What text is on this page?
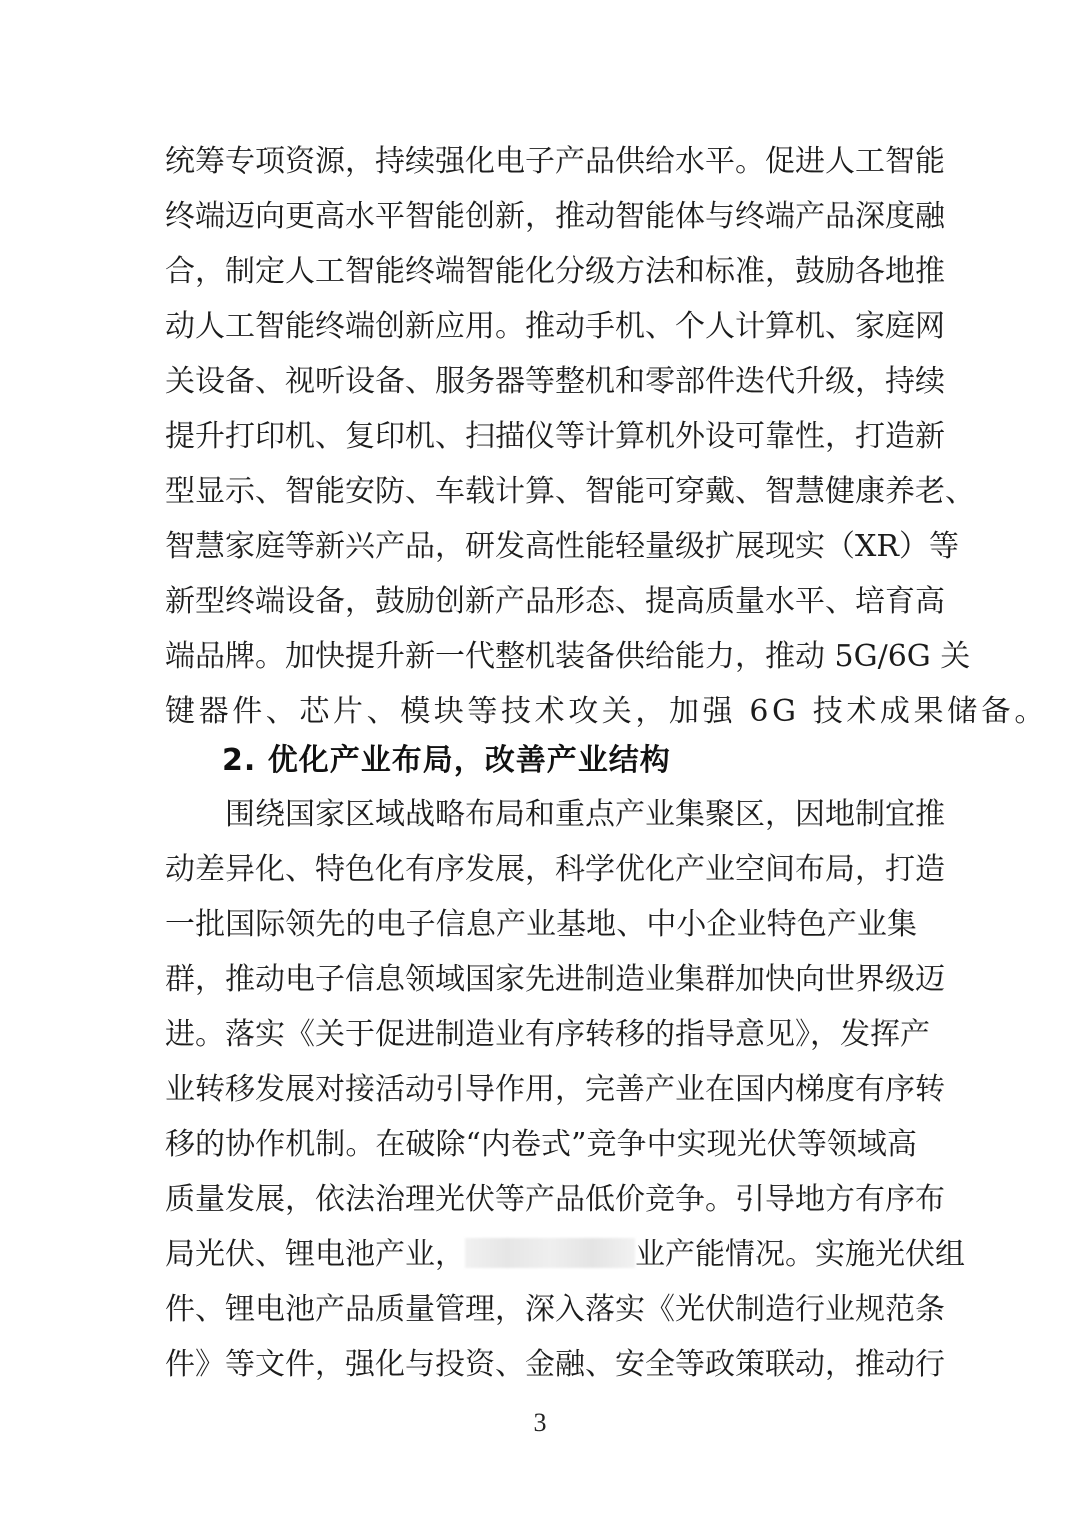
统筹专项资源，持续强化电子产品供给水平。促进人工智能
终端迈向更高水平智能创新，推动智能体与终端产品深度融
合，制定人工智能终端智能化分级方法和标准，鼓励各地推
动人工智能终端创新应用。推动手机、个人计算机、家庭网
关设备、视听设备、服务器等整机和零部件迭代升级，持续
提升打印机、复印机、扫描仪等计算机外设可靠性，打造新
型显示、智能安防、车载计算、智能可穿戴、智慧健康养老、
智慧家庭等新兴产品，研发高性能轻量级扩展现实（XR）等
新型终端设备，鼓励创新产品形态、提高质量水平、培育高
端品牌。加快提升新一代整机装备供给能力，推动 5G/6G 关
键器件、芯片、模块等技术攻关，加强 6G 技术成果储备。
2. 优化产业布局，改善产业结构
围绕国家区域战略布局和重点产业集聚区，因地制宜推
动差异化、特色化有序发展，科学优化产业空间布局，打造
一批国际领先的电子信息产业基地、中小企业特色产业集
群，推动电子信息领域国家先进制造业集群加快向世界级迈
进。落实《关于促进制造业有序转移的指导意见》，发挥产
业转移发展对接活动引导作用，完善产业在国内梯度有序转
移的协作机制。在破除“内卷式”竞争中实现光伏等领域高
质量发展，依法治理光伏等产品低价竞争。引导地方有序布
局光伏、锂电池产业，	业产能情况。实施光伏组
件、锂电池产品质量管理，深入落实《光伏制造行业规范条
件》等文件，强化与投资、金融、安全等政策联动，推动行
3
